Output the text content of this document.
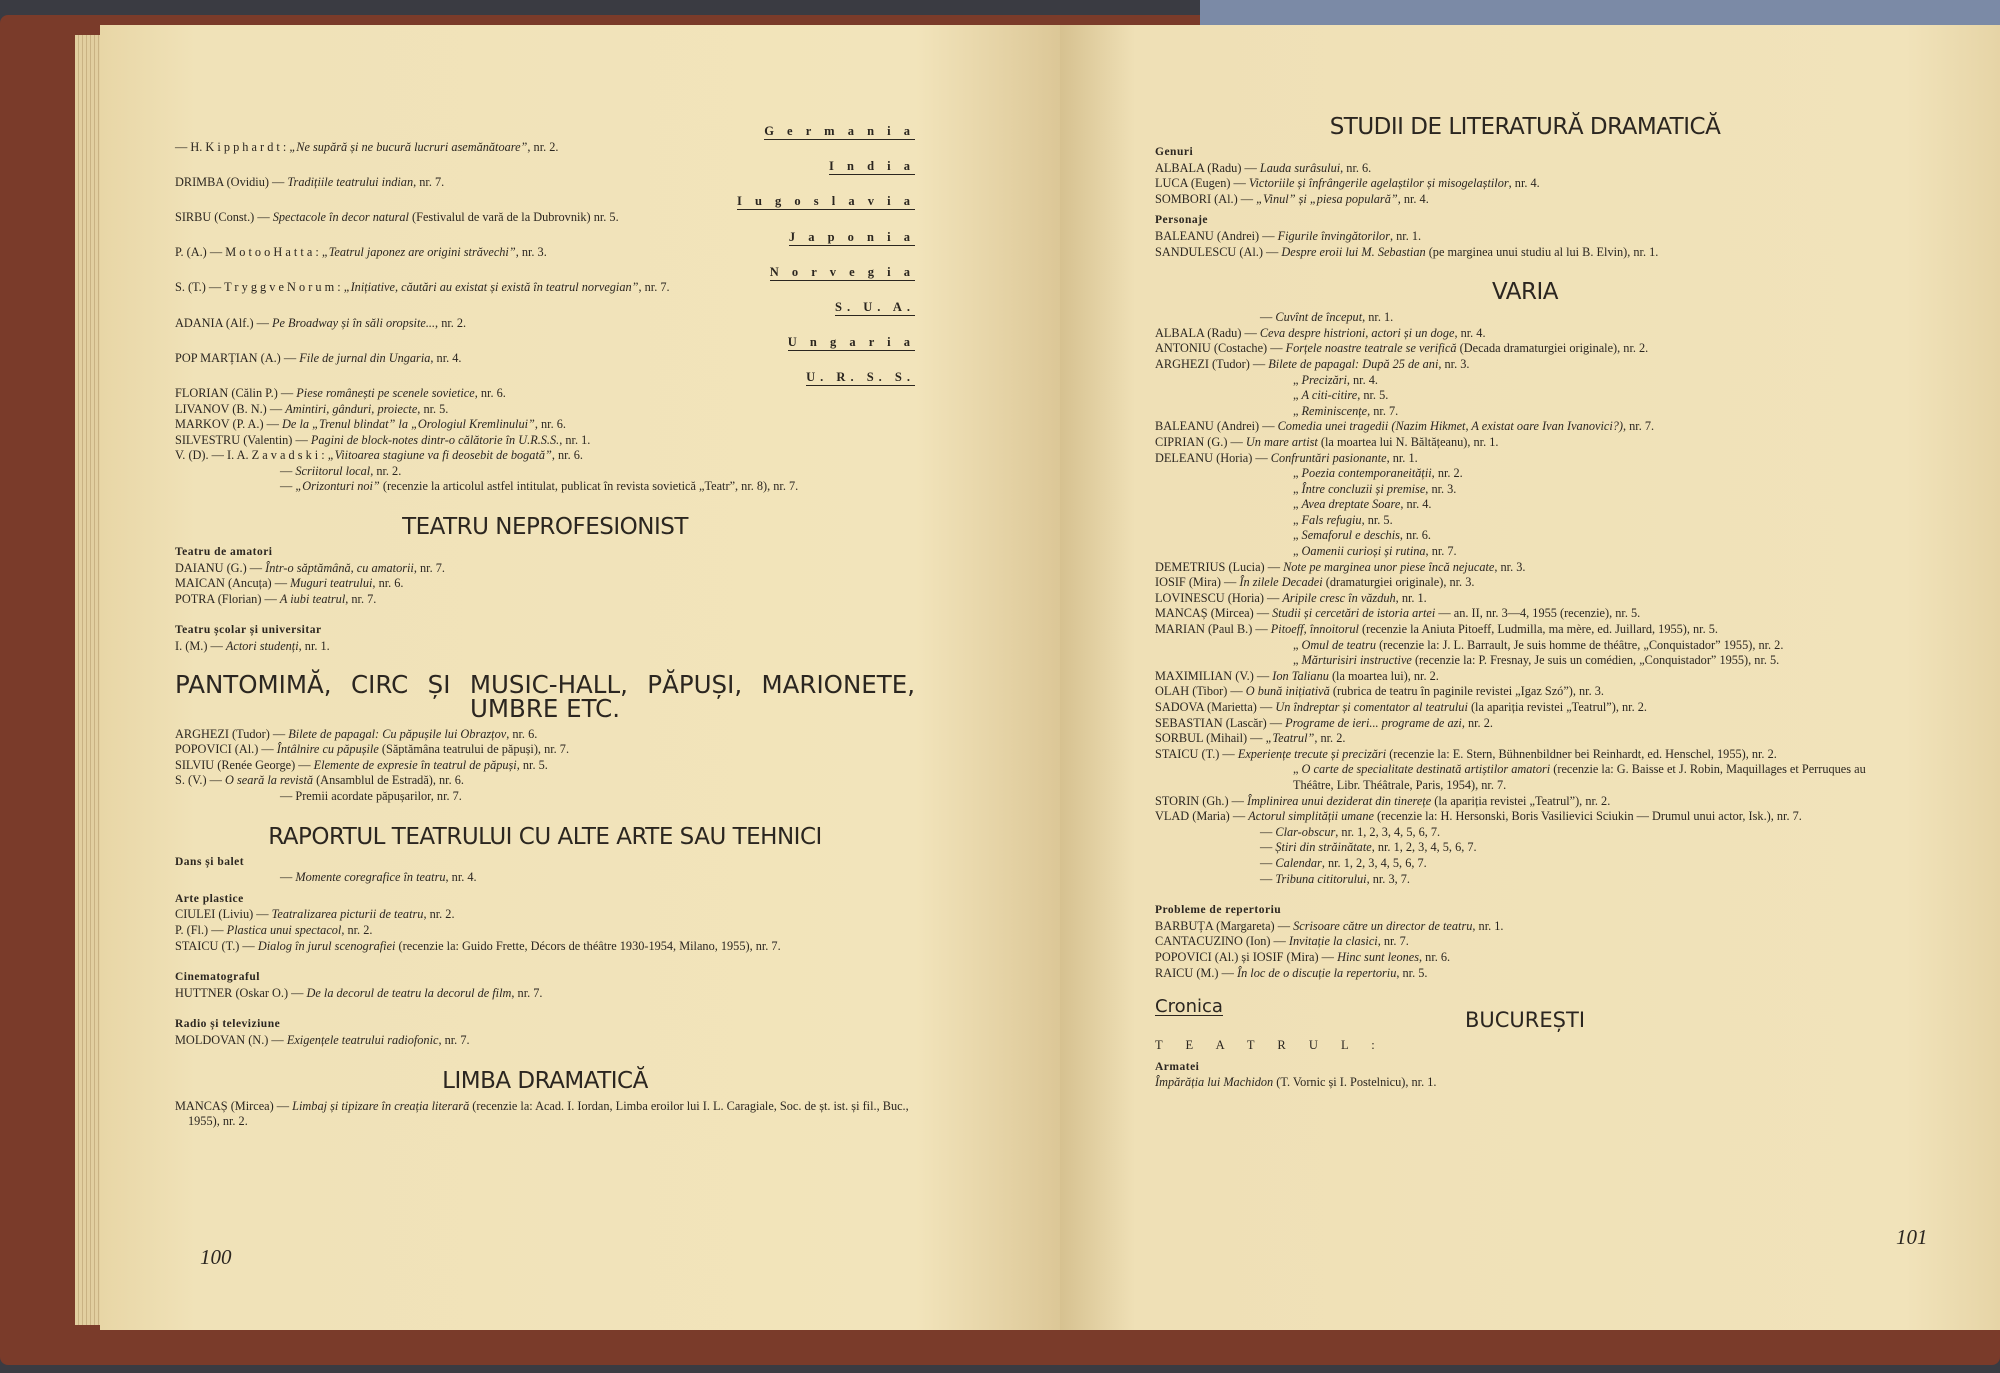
G e r m a n i a
— H. K i p p h a r d t : „Ne supără și ne bucură lucruri asemănătoare”, nr. 2.
I n d i a
DRIMBA (Ovidiu) — Tradițiile teatrului indian, nr. 7.
I u g o s l a v i a
SIRBU (Const.) — Spectacole în decor natural (Festivalul de vară de la Dubrovnik) nr. 5.
J a p o n i a
P. (A.) — M o t o o H a t t a : „Teatrul japonez are origini străvechi”, nr. 3.
N o r v e g i a
S. (T.) — T r y g g v e N o r u m : „Inițiative, căutări au existat și există în teatrul norvegian”, nr. 7.
S. U. A.
ADANIA (Alf.) — Pe Broadway și în săli oropsite..., nr. 2.
U n g a r i a
POP MARȚIAN (A.) — File de jurnal din Ungaria, nr. 4.
U. R. S. S.
FLORIAN (Călin P.) — Piese românești pe scenele sovietice, nr. 6.
LIVANOV (B. N.) — Amintiri, gânduri, proiecte, nr. 5.
MARKOV (P. A.) — De la „Trenul blindat” la „Orologiul Kremlinului”, nr. 6.
SILVESTRU (Valentin) — Pagini de block-notes dintr-o călătorie în U.R.S.S., nr. 1.
V. (D). — I. A. Z a v a d s k i : „Viitoarea stagiune va fi deosebit de bogată”, nr. 6.
— Scriitorul local, nr. 2.
— „Orizonturi noi” (recenzie la articolul astfel intitulat, publicat în revista sovietică „Teatr”, nr. 8), nr. 7.
TEATRU NEPROFESIONIST
Teatru de amatori
DAIANU (G.) — Într-o săptămână, cu amatorii, nr. 7.
MAICAN (Ancuța) — Muguri teatrului, nr. 6.
POTRA (Florian) — A iubi teatrul, nr. 7.
Teatru școlar și universitar
I. (M.) — Actori studenți, nr. 1.
PANTOMIMĂ, CIRC ȘI MUSIC-HALL, PĂPUȘI, MARIONETE, UMBRE ETC.
ARGHEZI (Tudor) — Bilete de papagal: Cu păpușile lui Obrazțov, nr. 6.
POPOVICI (Al.) — Întâlnire cu păpușile (Săptămâna teatrului de păpuși), nr. 7.
SILVIU (Renée George) — Elemente de expresie în teatrul de păpuși, nr. 5.
S. (V.) — O seară la revistă (Ansamblul de Estradă), nr. 6.
— Premii acordate păpușarilor, nr. 7.
RAPORTUL TEATRULUI CU ALTE ARTE SAU TEHNICI
Dans și balet
— Momente coregrafice în teatru, nr. 4.
Arte plastice
CIULEI (Liviu) — Teatralizarea picturii de teatru, nr. 2.
P. (Fl.) — Plastica unui spectacol, nr. 2.
STAICU (T.) — Dialog în jurul scenografiei (recenzie la: Guido Frette, Décors de théâtre 1930-1954, Milano, 1955), nr. 7.
Cinematograful
HUTTNER (Oskar O.) — De la decorul de teatru la decorul de film, nr. 7.
Radio și televiziune
MOLDOVAN (N.) — Exigențele teatrului radiofonic, nr. 7.
LIMBA DRAMATICĂ
MANCAȘ (Mircea) — Limbaj și tipizare în creația literară (recenzie la: Acad. I. Iordan, Limba eroilor lui I. L. Caragiale, Soc. de șt. ist. și fil., Buc., 1955), nr. 2.
100
STUDII DE LITERATURĂ DRAMATICĂ
Genuri
ALBALA (Radu) — Lauda surâsului, nr. 6.
LUCA (Eugen) — Victoriile și înfrângerile agelaștilor și misogelaștilor, nr. 4.
SOMBORI (Al.) — „Vinul” și „piesa populară”, nr. 4.
Personaje
BALEANU (Andrei) — Figurile învingătorilor, nr. 1.
SANDULESCU (Al.) — Despre eroii lui M. Sebastian (pe marginea unui studiu al lui B. Elvin), nr. 1.
VARIA
— Cuvînt de început, nr. 1.
ALBALA (Radu) — Ceva despre histrioni, actori și un doge, nr. 4.
ANTONIU (Costache) — Forțele noastre teatrale se verifică (Decada dramaturgiei originale), nr. 2.
ARGHEZI (Tudor) — Bilete de papagal: După 25 de ani, nr. 3.
„ Precizări, nr. 4.
„ A citi-citire, nr. 5.
„ Reminiscențe, nr. 7.
BALEANU (Andrei) — Comedia unei tragedii (Nazim Hikmet, A existat oare Ivan Ivanovici?), nr. 7.
CIPRIAN (G.) — Un mare artist (la moartea lui N. Băltățeanu), nr. 1.
DELEANU (Horia) — Confruntări pasionante, nr. 1.
„ Poezia contemporaneității, nr. 2.
„ Între concluzii și premise, nr. 3.
„ Avea dreptate Soare, nr. 4.
„ Fals refugiu, nr. 5.
„ Semaforul e deschis, nr. 6.
„ Oamenii curioși și rutina, nr. 7.
DEMETRIUS (Lucia) — Note pe marginea unor piese încă nejucate, nr. 3.
IOSIF (Mira) — În zilele Decadei (dramaturgiei originale), nr. 3.
LOVINESCU (Horia) — Aripile cresc în văzduh, nr. 1.
MANCAȘ (Mircea) — Studii și cercetări de istoria artei — an. II, nr. 3—4, 1955 (recenzie), nr. 5.
MARIAN (Paul B.) — Pitoeff, înnoitorul (recenzie la Aniuta Pitoeff, Ludmilla, ma mère, ed. Juillard, 1955), nr. 5.
„ Omul de teatru (recenzie la: J. L. Barrault, Je suis homme de théâtre, „Conquistador” 1955), nr. 2.
„ Mărturisiri instructive (recenzie la: P. Fresnay, Je suis un comédien, „Conquistador” 1955), nr. 5.
MAXIMILIAN (V.) — Ion Talianu (la moartea lui), nr. 2.
OLAH (Tibor) — O bună inițiativă (rubrica de teatru în paginile revistei „Igaz Szó”), nr. 3.
SADOVA (Marietta) — Un îndreptar și comentator al teatrului (la apariția revistei „Teatrul”), nr. 2.
SEBASTIAN (Lascăr) — Programe de ieri... programe de azi, nr. 2.
SORBUL (Mihail) — „Teatrul”, nr. 2.
STAICU (T.) — Experiențe trecute și precizări (recenzie la: E. Stern, Bühnenbildner bei Reinhardt, ed. Henschel, 1955), nr. 2.
„ O carte de specialitate destinată artiștilor amatori (recenzie la: G. Baisse et J. Robin, Maquillages et Perruques au Théâtre, Libr. Théâtrale, Paris, 1954), nr. 7.
STORIN (Gh.) — Împlinirea unui deziderat din tinerețe (la apariția revistei „Teatrul”), nr. 2.
VLAD (Maria) — Actorul simplității umane (recenzie la: H. Hersonski, Boris Vasilievici Sciukin — Drumul unui actor, Isk.), nr. 7.
— Clar-obscur, nr. 1, 2, 3, 4, 5, 6, 7.
— Știri din străinătate, nr. 1, 2, 3, 4, 5, 6, 7.
— Calendar, nr. 1, 2, 3, 4, 5, 6, 7.
— Tribuna cititorului, nr. 3, 7.
Probleme de repertoriu
BARBUȚA (Margareta) — Scrisoare către un director de teatru, nr. 1.
CANTACUZINO (Ion) — Invitație la clasici, nr. 7.
POPOVICI (Al.) și IOSIF (Mira) — Hinc sunt leones, nr. 6.
RAICU (M.) — În loc de o discuție la repertoriu, nr. 5.
Cronica
BUCUREȘTI
T E A T R U L :
Armatei
Împărăția lui Machidon (T. Vornic și I. Postelnicu), nr. 1.
101
